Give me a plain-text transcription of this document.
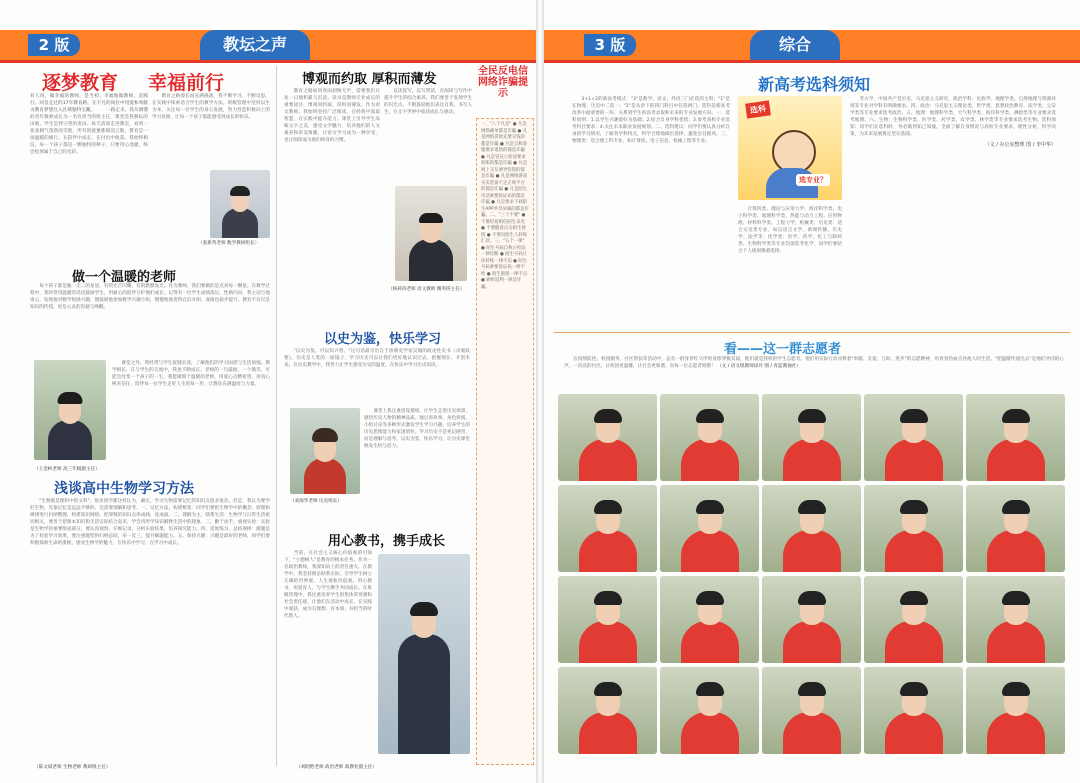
2 版	教坛之声
逐梦教育 幸福前行
有人说，做幸福的教师，是当初；幸福地做教师，是践行。回首走过的17年教育路，在不凡的岗位中用爱和奉献为教育梦想注入区域独特宝藏。 　　一路走来，我从懵懂的青年教师成长为一名有担当的班主任，课堂是我耕耘的田地，学生是我守望的麦田。每天清晨走进教室，看到一张张朝气蓬勃的笑脸，所有的疲惫都烟消云散。教育是一场温暖的修行，在陪伴中成长，在付出中收获。我始终相信，每一个孩子都是一颗独特的种子，只要用心浇灌，终会绽放属于自己的光彩。
　　教育之路漫长而充满挑战，我不断学习，不断反思，在实践中探索适合学生的教学方法。班级管理中坚持以生为本，关注每一位学生的身心发展，努力营造积极向上的学习氛围，让每一个孩子都能感受到成长的快乐。
（张新英老师 数学教研组长）
做一个温暖的老师
　　每个孩子都是独一无二的星星，有的光芒闪耀，有的默默发光。作为教师，我们要做的是点亮每一颗星。在教学过程中，我时常用温暖的话语鼓励学生，用耐心的陪伴守护他们成长。记得有一位学生成绩落后，性格内向，我主动与他谈心，发现他对数学很感兴趣，便鼓励他参加数学兴趣小组，慢慢地他变得自信开朗，成绩也稳步提升。教育不仅仅是知识的传授，更是心灵的沟通与唤醒。
　　课堂之外，我经常与学生促膝长谈，了解他们的学习困惑与生活烦恼。教学相长，在与学生的交流中，我也不断成长。老师的一句鼓励，一个微笑，可能会改变一个孩子的一生。我愿做那个温暖的老师，用爱心点燃希望，用真心换来信任，陪伴每一位学生走好人生的每一步，让教育充满温度与力量。
（王金柯老师 高三年级副主任）
浅谈高中生物学习方法
　　"生物就是理科中的文科"，很多同学都这样认为，确实，学习生物需要记忆的知识点很多很杂。但是，我认为要学好生物，光靠记忆是远远不够的，还需要理解和思考。一、记忆方法，构建框架：同学们要把生物学中的概念、原理和规律进行归纳整理，构建知识网络，把零散的知识点串成线，连成面。二、理解为主，联系生活：生物学与日常生活密切相关，要善于把课本知识和生活实际结合起来，学会用所学知识解释生活中的现象。三、勤于动手，重视实验：实验是生物学的重要组成部分，要认真观察，仔细记录，分析实验结果，培养探究能力。四、适度练习，总结规律：做题是为了检验学习效果，要注重题型的归纳总结，举一反三，提升解题能力。五、保持兴趣：兴趣是最好的老师，同学们要积极探索生命的奥秘，感受生物学的魅力，在快乐中学习，在学习中成长。
（陈文斌老师 生物老师 教研组主任）
博观而约取 厚积而薄发
　　教育之路如同春雨润物无声，需要我们日复一日地积累与沉淀。读书是教师专业成长的重要途径，博观而约取，厚积而薄发。作为语文教师，我始终坚持广泛阅读，在经典中汲取智慧，在实践中提升能力。课堂上引导学生品味文字之美，感受文学魅力，培养他们的人文素养和审美情趣，让语文学习成为一种享受，也让阅读成为他们终身的习惯。
　　以读促写，以写带读，在阅读与写作中提升学生的综合素养。我们要善于发现学生的闪光点，不断鼓励他们表达自我，书写人生，在文字世界中收获成长与感动。
（杨莉涛老师 语文教师 精英班主任）
全民反电信网络诈骗提示
一、"八个凡是" ● 凡是网络刷单都是诈骗 ● 凡是网络贷款先要交钱的都是诈骗 ● 凡是自称客服要求退款的都是诈骗 ● 凡是冒充公检法要求转账的都是诈骗 ● 凡是网上交友诱导投资的都是诈骗 ● 凡是网络游戏买卖装备不走正规平台的都是诈骗 ● 凡是陌生电话索要验证码的都是诈骗 ● 凡是要求下载陌生APP共享屏幕的都是诈骗。二、"三个不要" ● 不要轻易相信陌生来电 ● 不要随意点击陌生链接 ● 不要向陌生人转账汇款。三、"五个一律" ● 陌生号码自称公检法一律挂断 ● 陌生号码让你转账一律不信 ● 陌生号码索要验证码一律不给 ● 陌生链接一律不点 ● 刷单返利一律是诈骗。
以史为鉴，快乐学习
　　"以史为鉴，可以知兴替。"这句话最早出自于唐朝史学家吴兢的政论性史书《贞观政要》，历史是人类的一面镜子，学习历史可以让我们更好地认识过去、把握现在、开创未来。在历史教学中，我努力让学生感受历史的温度，在快乐中学习历史知识。
　　课堂上我注重创设情境，让学生走进历史场景，感悟历史人物的精神品质。通过讲故事、角色扮演、小组讨论等多种形式激发学生学习兴趣，培养学生的历史思维能力和家国情怀。学习历史不是死记硬背，而是理解与思考，以史为鉴，快乐学习，让历史课堂焕发生机与活力。
（刘海华老师 历史组长）
用心教书，携手成长
　　当前，在社会主义核心价值观的引领下，"立德树人"是教育的根本任务。作为一名政治教师，我深知肩上的责任重大。在教学中，我坚持理论联系实际，引导学生树立正确的世界观、人生观和价值观。用心教书，用爱育人，与学生携手共同成长。在班级管理中，我注重培养学生的集体荣誉感和社会责任感，让他们在活动中成长，在实践中收获，成为有理想、有本领、有担当的时代新人。
（刘昭艳老师 政治老师 政教处副主任）
3 版	综合
新高考选科须知
　　3+1+2的新高考模式："3"是数学、语文、外语三门必选的主科；"1"是在物理、历史中二选一；"2"是从余下的四门科目中任选两门。选科是新高考改革中最重要的一环，关系到学生的高考录取和未来的专业发展方向。一、选科原则：1.以学生兴趣爱好为基础；2.结合自身学科优势；3.参考高校专业选考科目要求；4.关注未来职业发展规划。二、选科建议：同学们要认真分析自身的学习情况，了解各学科特点，科学合理地做出选择，避免盲目跟风。三、物理类：适合理工科专业，如计算机、电子信息、机械工程等专业。
选科
选专业？
　　计算机类、理论与应用力学、海洋科学类、电子科学类、地理科学类、热能与动力工程、应用物理、材料科学类、工程力学、机械类；历史类：适合文史类专业，如汉语言文学、新闻传播、历史学、法学等；化学类：医学、药学、化工与制药类、生物科学类等专业均需选考化学，同学们要结合个人规划慎重选择。
　　考古学、中国共产党历史、马克思主义研究、政治学科、民族学、地理学类、自然地理与资源环境等专业对学科有明确要求。四、政治：马克思主义理论类、哲学类、思想政治教育、法学类、公安学类等专业要求选考政治。五、地理：地理科学类、大气科学类、海洋科学类、测绘类等专业要求选考地理。六、生物：生物科学类、医学类、药学类、农学类、林学类等专业要求选考生物。选科须知：同学们在选科时，务必做到知己知彼，全面了解自身情况与高校专业要求，理性分析，科学决策，为未来发展奠定坚实基础。
（文 / 办公室整理 图 / 李中华）
看——这一群志愿者
　　在疫情防控、校园服务、社区帮扶等活动中，总有一群身穿红马甲的身影穿梭其间，他们就是我校的学生志愿者。他们用实际行动诠释着"奉献、友爱、互助、进步"的志愿精神，用青春热血点亮他人的生活。"把温暖传递出去"是他们共同的心声，一次次的付出，让校园更温馨，让社会更和谐，向每一位志愿者致敬！ （文 / 语文组教师徐丹 图 / 青蓝教通社）
